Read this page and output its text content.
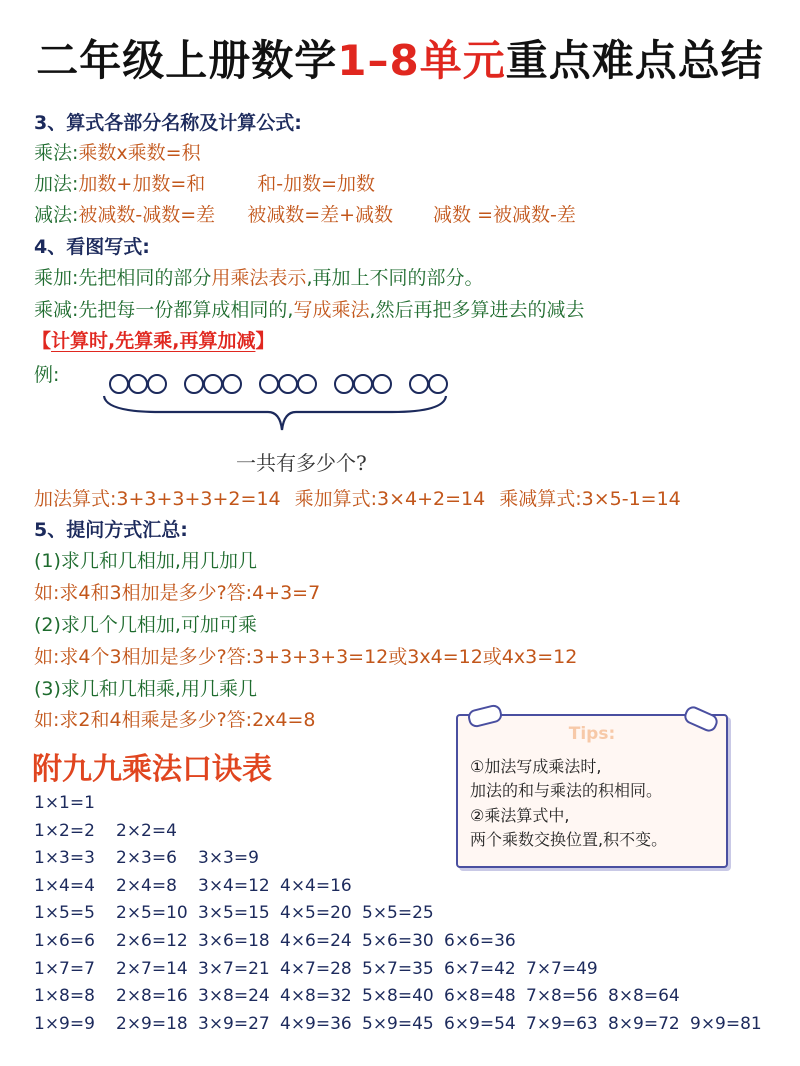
二年级上册数学1–8单元重点难点总结
3、算式各部分名称及计算公式:
乘法:乘数x乘数=积
加法:加数+加数=和	和-加数=加数
减法:被减数-减数=差 被减数=差+减数 减数 =被减数-差
4、看图写式:
乘加:先把相同的部分用乘法表示,再加上不同的部分。
乘减:先把每一份都算成相同的,写成乘法,然后再把多算进去的减去
【计算时,先算乘,再算加减】
例:
一共有多少个?
加法算式:3+3+3+3+2=14 乘加算式:3×4+2=14 乘减算式:3×5-1=14
5、提问方式汇总:
(1)求几和几相加,用几加几
如:求4和3相加是多少?答:4+3=7
(2)求几个几相加,可加可乘
如:求4个3相加是多少?答:3+3+3+3=12或3x4=12或4x3=12
(3)求几和几相乘,用几乘几
如:求2和4相乘是多少?答:2x4=8
附九九乘法口诀表
1×1=1
1×2=2 2×2=4
1×3=3 2×3=6 3×3=9
1×4=4 2×4=8 3×4=12 4×4=16
1×5=5 2×5=10 3×5=15 4×5=20 5×5=25
1×6=6 2×6=12 3×6=18 4×6=24 5×6=30 6×6=36
1×7=7 2×7=14 3×7=21 4×7=28 5×7=35 6×7=42 7×7=49
1×8=8 2×8=16 3×8=24 4×8=32 5×8=40 6×8=48 7×8=56 8×8=64
1×9=9 2×9=18 3×9=27 4×9=36 5×9=45 6×9=54 7×9=63 8×9=72 9×9=81
Tips:
①加法写成乘法时,
加法的和与乘法的积相同。
②乘法算式中,
两个乘数交换位置,积不变。
